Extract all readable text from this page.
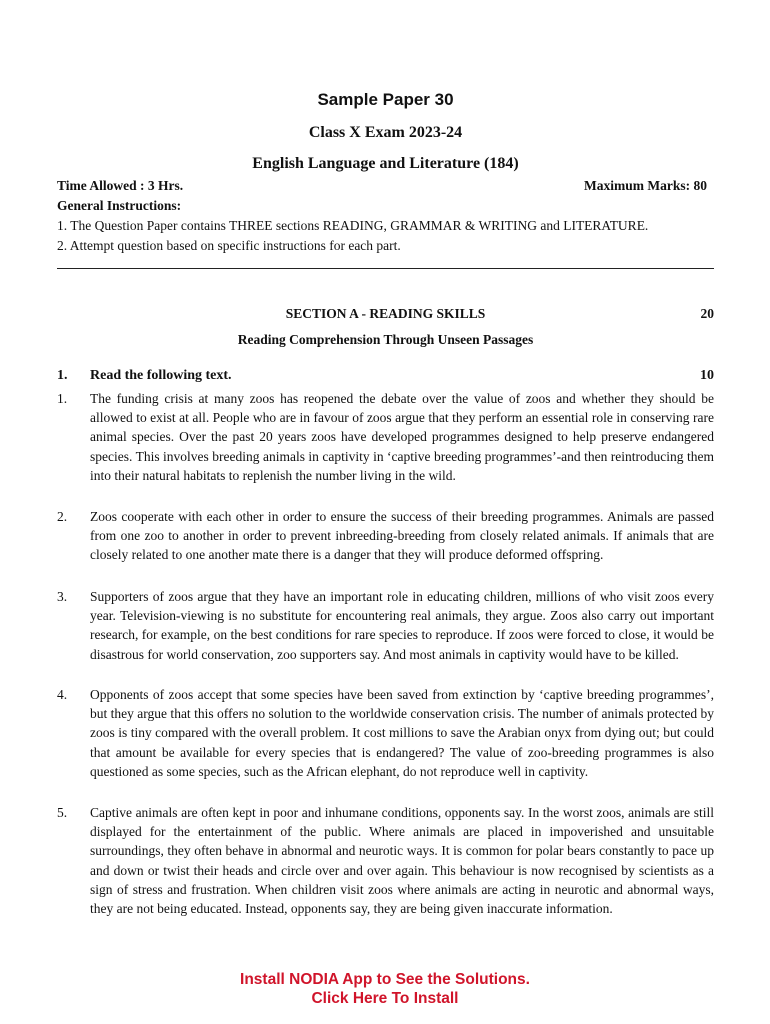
Sample Paper 30
Class X Exam 2023-24
English Language and Literature (184)
Time Allowed : 3 Hrs.	Maximum Marks: 80
General Instructions:
1. The Question Paper contains THREE sections READING, GRAMMAR & WRITING and LITERATURE.
2. Attempt question based on specific instructions for each part.
SECTION A - READING SKILLS	20
Reading Comprehension Through Unseen Passages
1. Read the following text.	10
1. The funding crisis at many zoos has reopened the debate over the value of zoos and whether they should be allowed to exist at all. People who are in favour of zoos argue that they perform an essential role in conserving rare animal species. Over the past 20 years zoos have developed programmes designed to help preserve endangered species. This involves breeding animals in captivity in ‘captive breeding programmes’-and then reintroducing them into their natural habitats to replenish the number living in the wild.
2. Zoos cooperate with each other in order to ensure the success of their breeding programmes. Animals are passed from one zoo to another in order to prevent inbreeding-breeding from closely related animals. If animals that are closely related to one another mate there is a danger that they will produce deformed offspring.
3. Supporters of zoos argue that they have an important role in educating children, millions of who visit zoos every year. Television-viewing is no substitute for encountering real animals, they argue. Zoos also carry out important research, for example, on the best conditions for rare species to reproduce. If zoos were forced to close, it would be disastrous for world conservation, zoo supporters say. And most animals in captivity would have to be killed.
4. Opponents of zoos accept that some species have been saved from extinction by ‘captive breeding programmes’, but they argue that this offers no solution to the worldwide conservation crisis. The number of animals protected by zoos is tiny compared with the overall problem. It cost millions to save the Arabian onyx from dying out; but could that amount be available for every species that is endangered? The value of zoo-breeding programmes is also questioned as some species, such as the African elephant, do not reproduce well in captivity.
5. Captive animals are often kept in poor and inhumane conditions, opponents say. In the worst zoos, animals are still displayed for the entertainment of the public. Where animals are placed in impoverished and unsuitable surroundings, they often behave in abnormal and neurotic ways. It is common for polar bears constantly to pace up and down or twist their heads and circle over and over again. This behaviour is now recognised by scientists as a sign of stress and frustration. When children visit zoos where animals are acting in neurotic and abnormal ways, they are not being educated. Instead, opponents say, they are being given inaccurate information.
Install NODIA App to See the Solutions.
Click Here To Install
